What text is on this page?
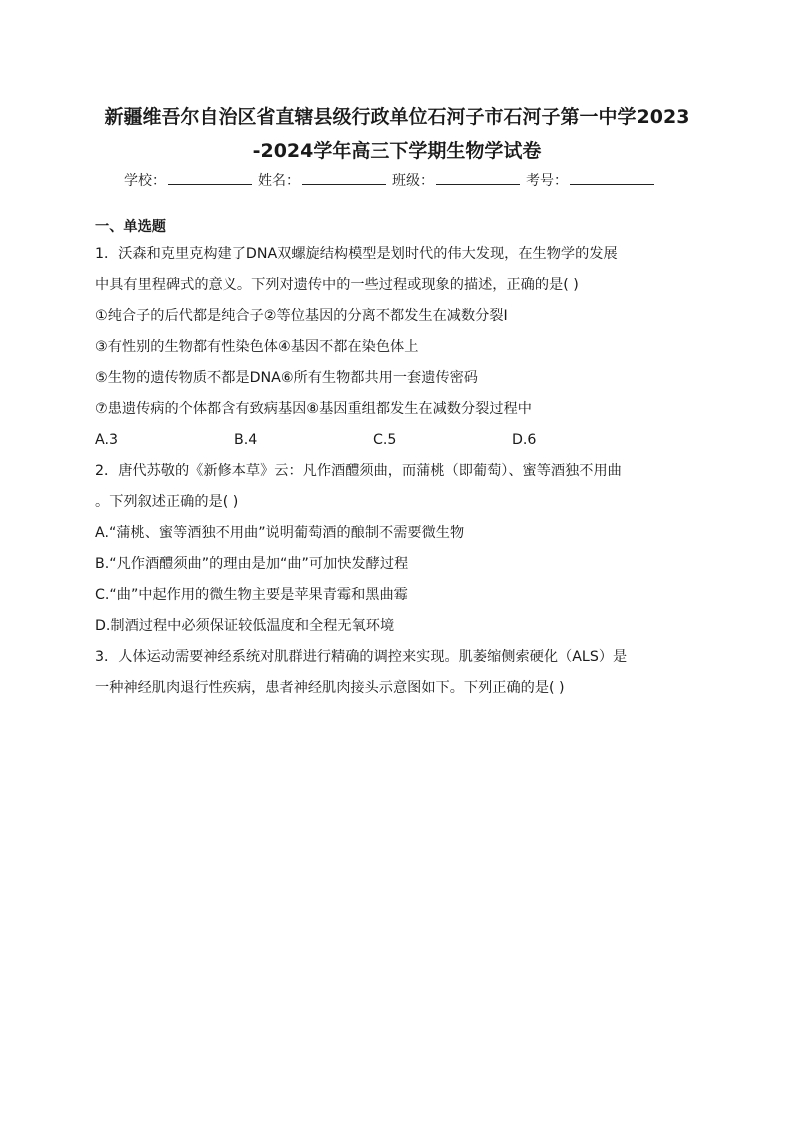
新疆维吾尔自治区省直辖县级行政单位石河子市石河子第一中学2023
-2024学年高三下学期生物学试卷
学校：	姓名：	班级：	考号：
一、单选题
1．沃森和克里克构建了DNA双螺旋结构模型是划时代的伟大发现，在生物学的发展
中具有里程碑式的意义。下列对遗传中的一些过程或现象的描述，正确的是( )
①纯合子的后代都是纯合子②等位基因的分离不都发生在减数分裂Ⅰ
③有性别的生物都有性染色体④基因不都在染色体上
⑤生物的遗传物质不都是DNA⑥所有生物都共用一套遗传密码
⑦患遗传病的个体都含有致病基因⑧基因重组都发生在减数分裂过程中
A.3	B.4	C.5	D.6
2．唐代苏敬的《新修本草》云：凡作酒醴须曲，而蒲桃（即葡萄）、蜜等酒独不用曲
。下列叙述正确的是( )
A.“蒲桃、蜜等酒独不用曲”说明葡萄酒的酿制不需要微生物
B.“凡作酒醴须曲”的理由是加“曲”可加快发酵过程
C.“曲”中起作用的微生物主要是苹果青霉和黑曲霉
D.制酒过程中必须保证较低温度和全程无氧环境
3．人体运动需要神经系统对肌群进行精确的调控来实现。肌萎缩侧索硬化（ALS）是
一种神经肌肉退行性疾病，患者神经肌肉接头示意图如下。下列正确的是( )
